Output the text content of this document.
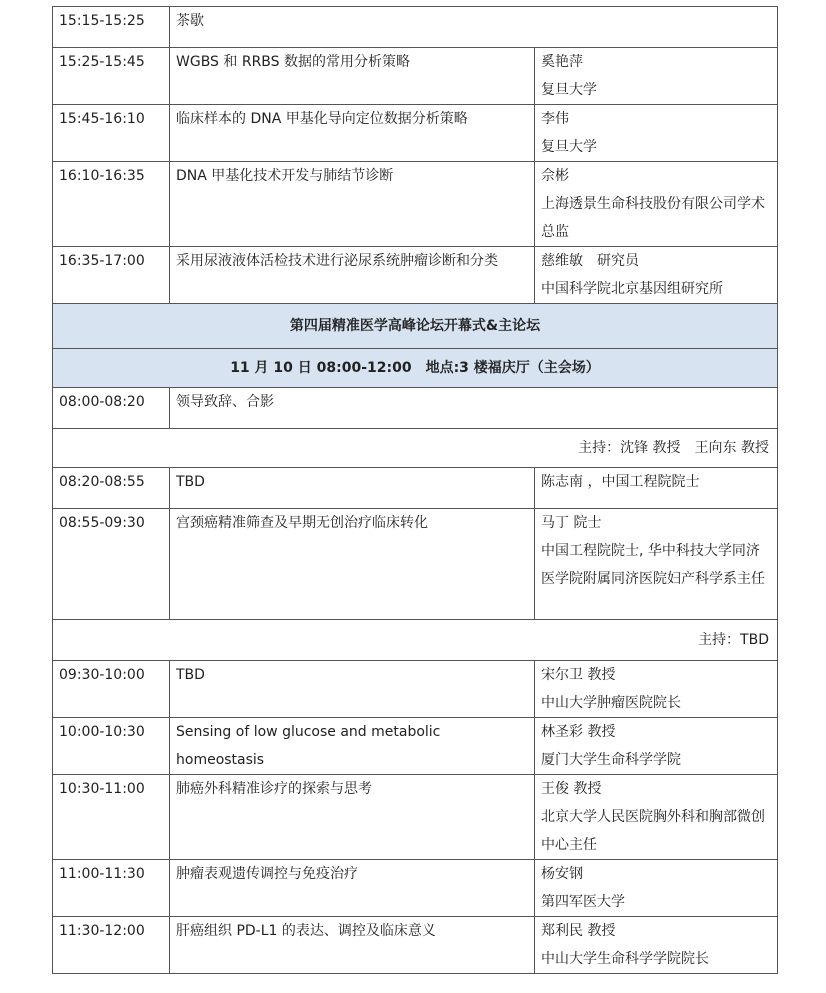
15:15-15:25	茶歇	
15:25-15:45	WGBS 和 RRBS 数据的常用分析策略	奚艳萍
复旦大学

15:45-16:10	临床样本的 DNA 甲基化导向定位数据分析策略	李伟
复旦大学

16:10-16:35	DNA 甲基化技术开发与肺结节诊断	佘彬
上海透景生命科技股份有限公司学术总监

16:35-17:00	采用尿液液体活检技术进行泌尿系统肿瘤诊断和分类	慈维敏　研究员
中国科学院北京基因组研究所

第四届精准医学高峰论坛开幕式&主论坛		
11 月 10 日 08:00-12:00　地点:3 楼福庆厅（主会场）		
08:00-08:20	领导致辞、合影	
主持：沈锋 教授　王向东 教授		
08:20-08:55	TBD	陈志南 ，中国工程院院士
08:55-09:30	宫颈癌精准筛查及早期无创治疗临床转化	马丁 院士
中国工程院院士, 华中科技大学同济医学院附属同济医院妇产科学系主任

主持：TBD		
09:30-10:00	TBD	宋尔卫 教授
中山大学肿瘤医院院长

10:00-10:30	Sensing of low glucose and metabolic homeostasis	林圣彩 教授
厦门大学生命科学学院

10:30-11:00	肺癌外科精准诊疗的探索与思考	王俊 教授
北京大学人民医院胸外科和胸部微创中心主任

11:00-11:30	肿瘤表观遗传调控与免疫治疗	杨安钢
第四军医大学

11:30-12:00	肝癌组织 PD-L1 的表达、调控及临床意义	郑利民 教授
中山大学生命科学学院院长
